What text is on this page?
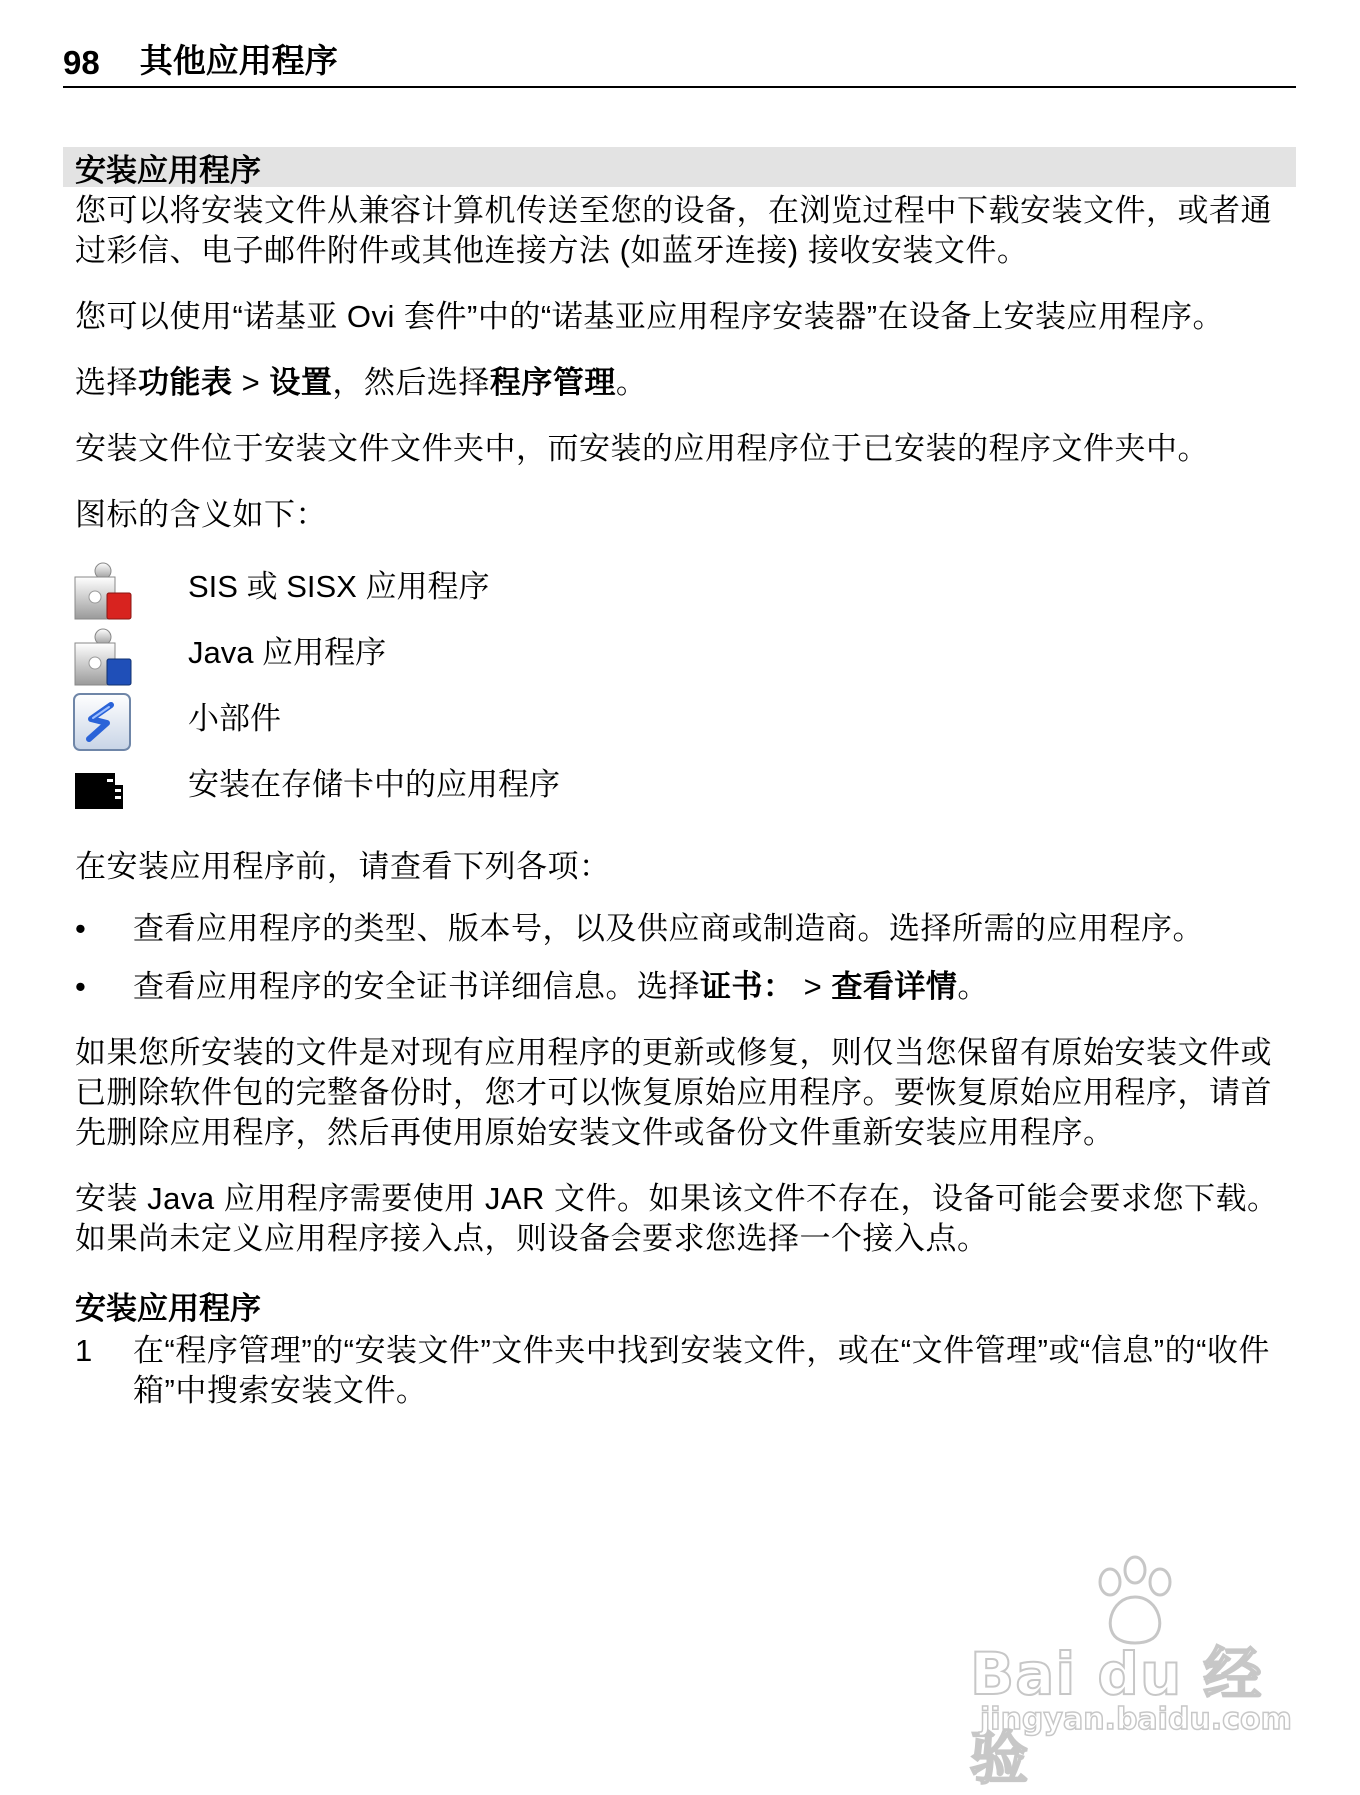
98 其他应用程序
安装应用程序

您可以将安装文件从兼容计算机传送至您的设备，在浏览过程中下载安装文件，或者通过彩信、电子邮件附件或其他连接方法 (如蓝牙连接) 接收安装文件。

您可以使用“诺基亚 Ovi 套件”中的“诺基亚应用程序安装器”在设备上安装应用程序。

选择功能表 > 设置，然后选择程序管理。

安装文件位于安装文件文件夹中，而安装的应用程序位于已安装的程序文件夹中。

图标的含义如下：

SIS 或 SISX 应用程序
Java 应用程序
小部件
安装在存储卡中的应用程序

在安装应用程序前，请查看下列各项：

• 查看应用程序的类型、版本号，以及供应商或制造商。选择所需的应用程序。
• 查看应用程序的安全证书详细信息。选择证书： > 查看详情。

如果您所安装的文件是对现有应用程序的更新或修复，则仅当您保留有原始安装文件或已删除软件包的完整备份时，您才可以恢复原始应用程序。要恢复原始应用程序，请首先删除应用程序，然后再使用原始安装文件或备份文件重新安装应用程序。

安装 Java 应用程序需要使用 JAR 文件。如果该文件不存在，设备可能会要求您下载。如果尚未定义应用程序接入点，则设备会要求您选择一个接入点。

安装应用程序
1 在“程序管理”的“安装文件”文件夹中找到安装文件，或在“文件管理”或“信息”的“收件箱”中搜索安装文件。
Bai du 经验
jingyan.baidu.com
